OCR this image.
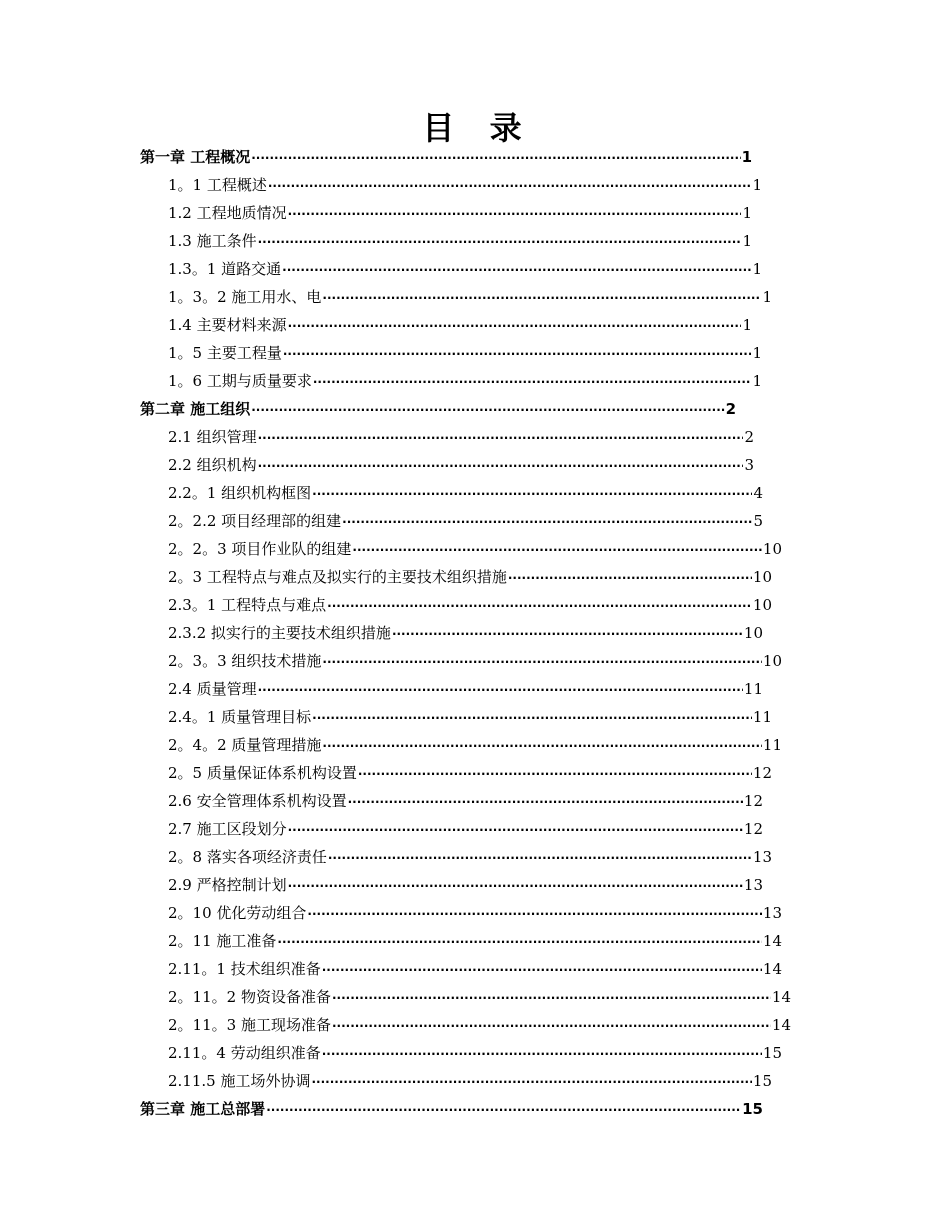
目 录
第一章 工程概况 ·····	1
1。1 工程概述 ·····	1
1.2 工程地质情况 ·····	1
1.3 施工条件 ·····	1
1.3。1 道路交通 ·····	1
1。3。2 施工用水、电 ·····	1
1.4 主要材料来源 ·····	1
1。5 主要工程量 ·····	1
1。6 工期与质量要求 ·····	1
第二章 施工组织 ·····	2
2.1 组织管理 ·····	2
2.2 组织机构 ·····	3
2.2。1 组织机构框图 ·····	4
2。2.2 项目经理部的组建 ·····	5
2。2。3 项目作业队的组建 ·····	10
2。3 工程特点与难点及拟实行的主要技术组织措施 ·····	10
2.3。1 工程特点与难点 ·····	10
2.3.2 拟实行的主要技术组织措施 ·····	10
2。3。3 组织技术措施 ·····	10
2.4 质量管理 ·····	11
2.4。1 质量管理目标 ·····	11
2。4。2 质量管理措施 ·····	11
2。5 质量保证体系机构设置 ·····	12
2.6 安全管理体系机构设置 ·····	12
2.7 施工区段划分 ·····	12
2。8 落实各项经济责任 ·····	13
2.9 严格控制计划 ·····	13
2。10 优化劳动组合 ·····	13
2。11 施工准备 ·····	14
2.11。1 技术组织准备 ·····	14
2。11。2 物资设备准备 ·····	14
2。11。3 施工现场准备 ·····	14
2.11。4 劳动组织准备 ·····	15
2.11.5 施工场外协调 ·····	15
第三章 施工总部署 ·····	15
